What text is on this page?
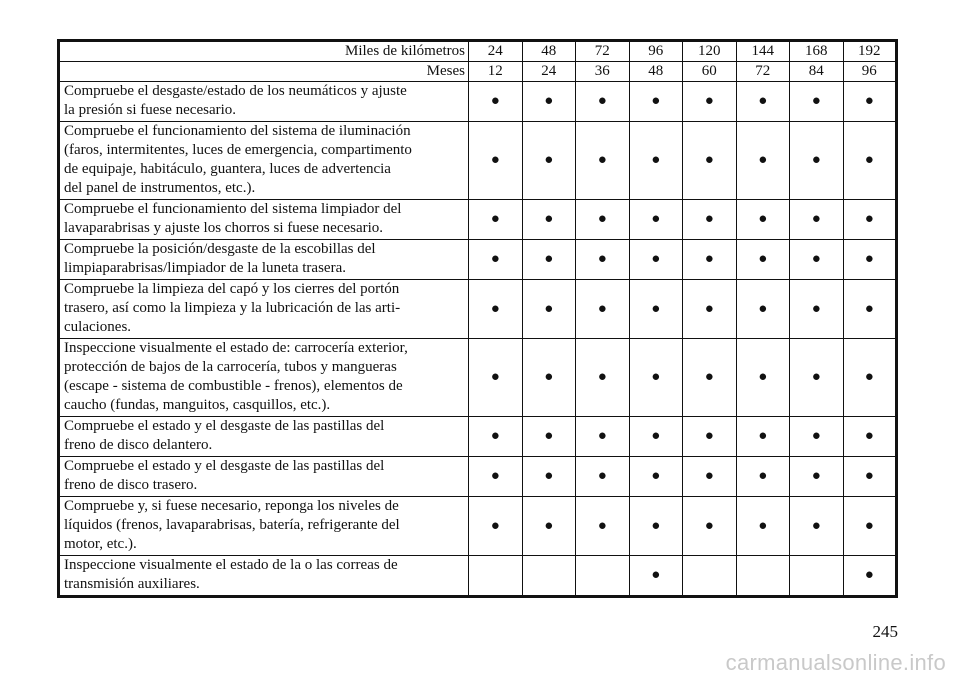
Miles de kilómetros	24	48	72	96	120	144	168	192
Meses	12	24	36	48	60	72	84	96

Compruebe el desgaste/estado de los neumáticos y ajuste
la presión si fuese necesario.	●	●	●	●	●	●	●	●

Compruebe el funcionamiento del sistema de iluminación
(faros, intermitentes, luces de emergencia, compartimento
de equipaje, habitáculo, guantera, luces de advertencia
del panel de instrumentos, etc.).	●	●	●	●	●	●	●	●

Compruebe el funcionamiento del sistema limpiador del
lavaparabrisas y ajuste los chorros si fuese necesario.	●	●	●	●	●	●	●	●

Compruebe la posición/desgaste de la escobillas del
limpiaparabrisas/limpiador de la luneta trasera.	●	●	●	●	●	●	●	●

Compruebe la limpieza del capó y los cierres del portón
trasero, así como la limpieza y la lubricación de las arti-
culaciones.	●	●	●	●	●	●	●	●

Inspeccione visualmente el estado de: carrocería exterior,
protección de bajos de la carrocería, tubos y mangueras
(escape - sistema de combustible - frenos), elementos de
caucho (fundas, manguitos, casquillos, etc.).	●	●	●	●	●	●	●	●

Compruebe el estado y el desgaste de las pastillas del
freno de disco delantero.	●	●	●	●	●	●	●	●

Compruebe el estado y el desgaste de las pastillas del
freno de disco trasero.	●	●	●	●	●	●	●	●

Compruebe y, si fuese necesario, reponga los niveles de
líquidos (frenos, lavaparabrisas, batería, refrigerante del
motor, etc.).	●	●	●	●	●	●	●	●

Inspeccione visualmente el estado de la o las correas de
transmisión auxiliares.				●				●
245
carmanualsonline.info
